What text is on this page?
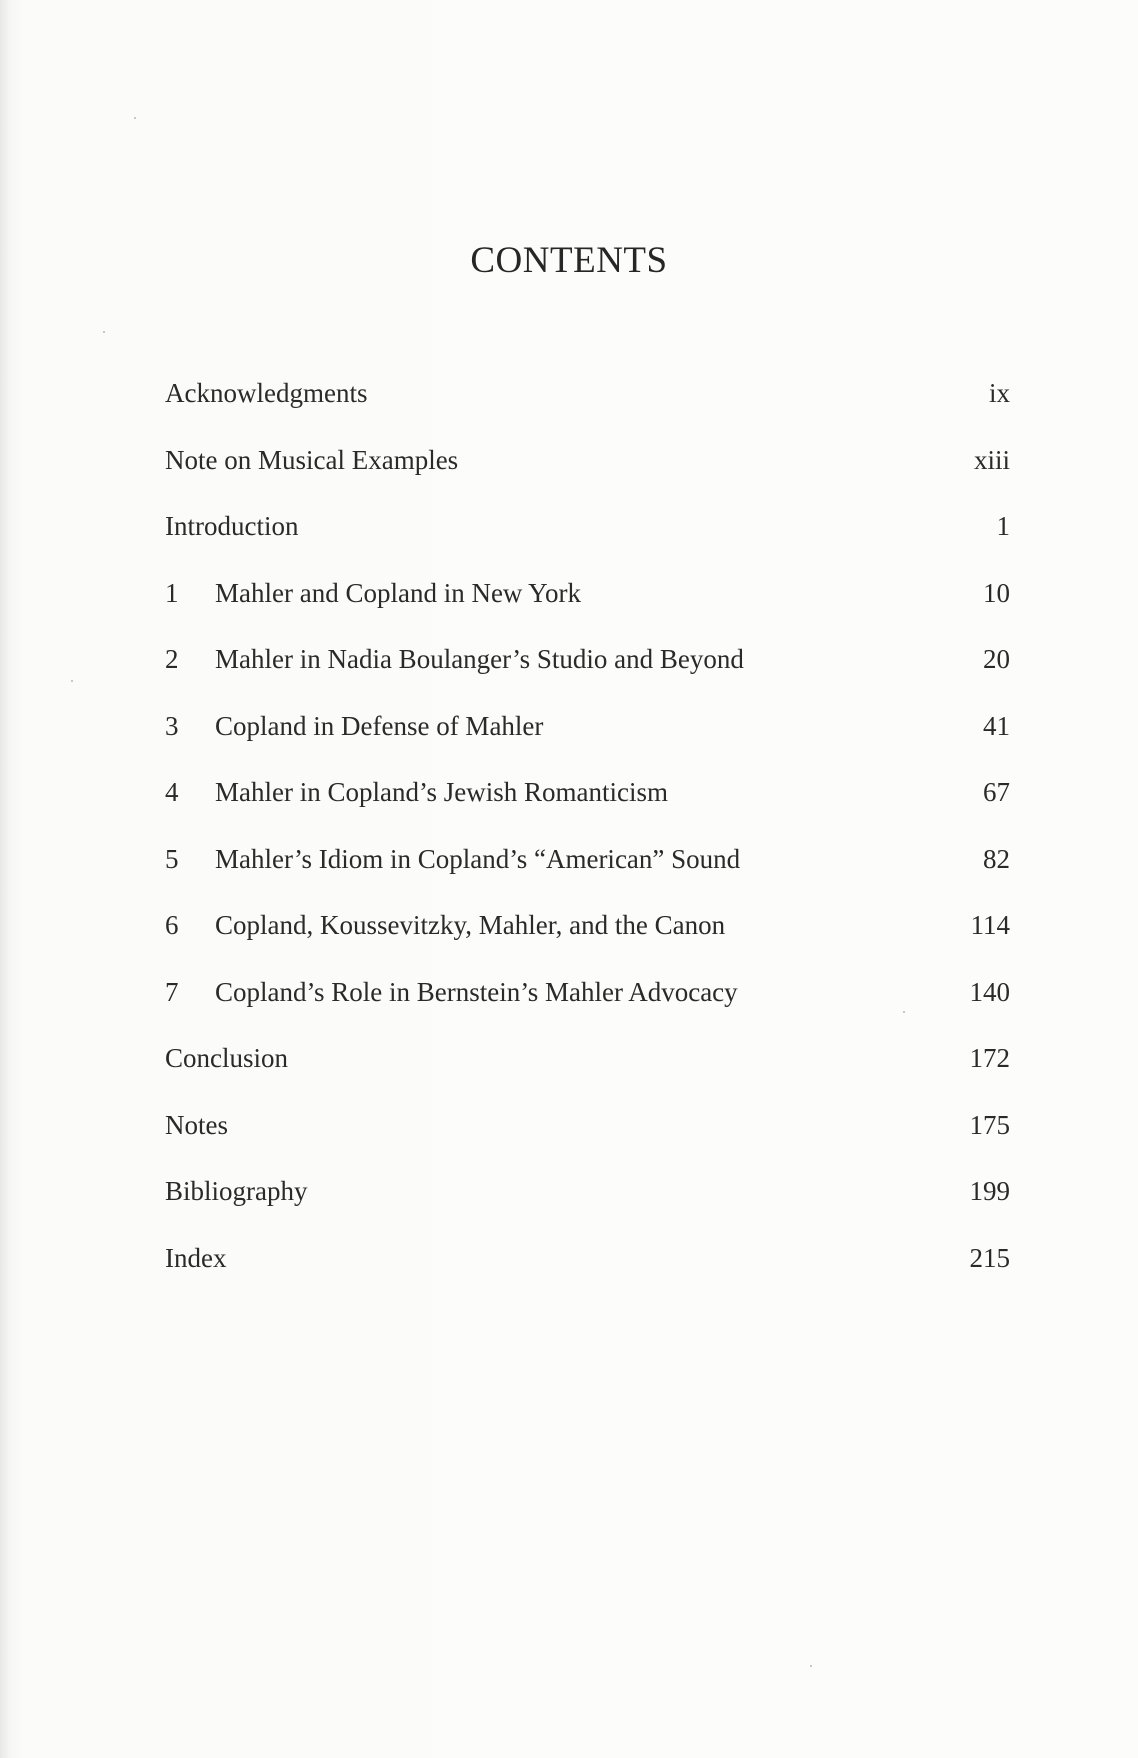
CONTENTS
Acknowledgments	ix
Note on Musical Examples	xiii
Introduction	1
1	Mahler and Copland in New York	10
2	Mahler in Nadia Boulanger’s Studio and Beyond	20
3	Copland in Defense of Mahler	41
4	Mahler in Copland’s Jewish Romanticism	67
5	Mahler’s Idiom in Copland’s “American” Sound	82
6	Copland, Koussevitzky, Mahler, and the Canon	114
7	Copland’s Role in Bernstein’s Mahler Advocacy	140
Conclusion	172
Notes	175
Bibliography	199
Index	215
